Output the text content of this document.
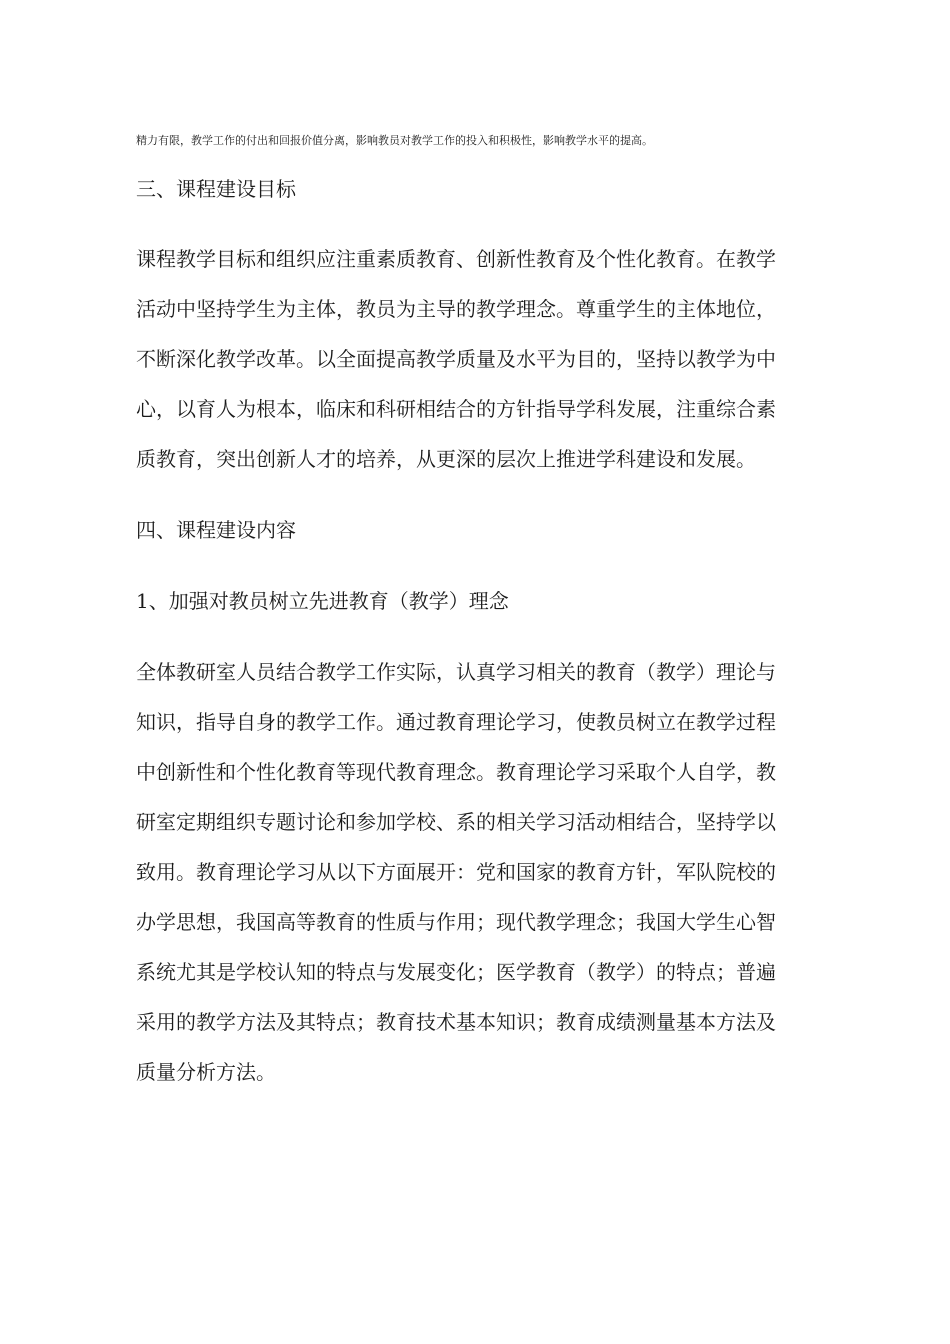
精力有限，教学工作的付出和回报价值分离，影响教员对教学工作的投入和积极性，影响教学水平的提高。
三、课程建设目标
课程教学目标和组织应注重素质教育、创新性教育及个性化教育。在教学
活动中坚持学生为主体，教员为主导的教学理念。尊重学生的主体地位，
不断深化教学改革。以全面提高教学质量及水平为目的，坚持以教学为中
心，以育人为根本，临床和科研相结合的方针指导学科发展，注重综合素
质教育，突出创新人才的培养，从更深的层次上推进学科建设和发展。
四、课程建设内容
1、加强对教员树立先进教育（教学）理念
全体教研室人员结合教学工作实际，认真学习相关的教育（教学）理论与
知识，指导自身的教学工作。通过教育理论学习，使教员树立在教学过程
中创新性和个性化教育等现代教育理念。教育理论学习采取个人自学，教
研室定期组织专题讨论和参加学校、系的相关学习活动相结合，坚持学以
致用。教育理论学习从以下方面展开：党和国家的教育方针，军队院校的
办学思想，我国高等教育的性质与作用；现代教学理念；我国大学生心智
系统尤其是学校认知的特点与发展变化；医学教育（教学）的特点；普遍
采用的教学方法及其特点；教育技术基本知识；教育成绩测量基本方法及
质量分析方法。
